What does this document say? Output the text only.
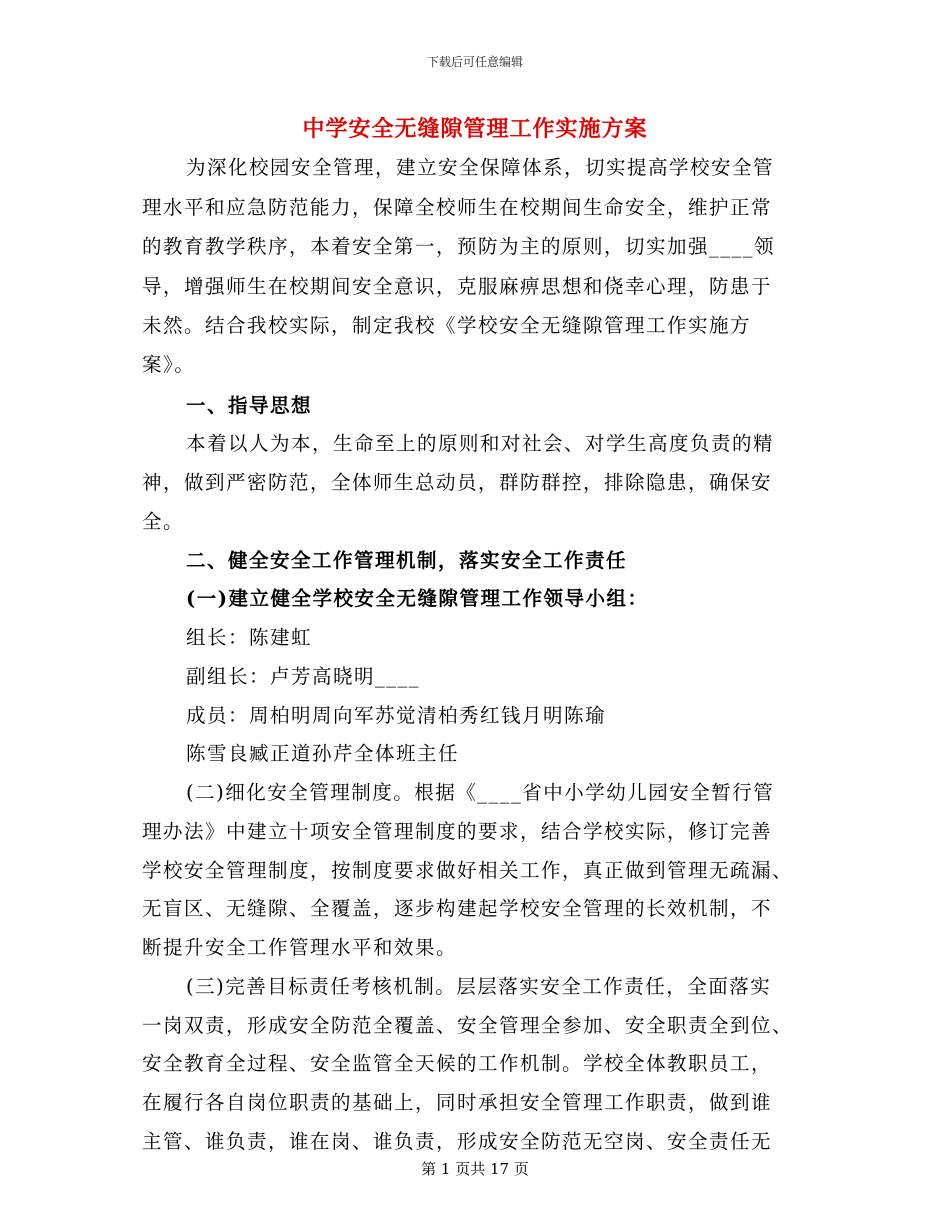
下载后可任意编辑
中学安全无缝隙管理工作实施方案
为深化校园安全管理，建立安全保障体系，切实提高学校安全管
理水平和应急防范能力，保障全校师生在校期间生命安全，维护正常
的教育教学秩序，本着安全第一，预防为主的原则，切实加强____领
导，增强师生在校期间安全意识，克服麻痹思想和侥幸心理，防患于
未然。结合我校实际，制定我校《学校安全无缝隙管理工作实施方
案》。
一、指导思想
本着以人为本，生命至上的原则和对社会、对学生高度负责的精
神，做到严密防范，全体师生总动员，群防群控，排除隐患，确保安
全。
二、健全安全工作管理机制，落实安全工作责任
(一)建立健全学校安全无缝隙管理工作领导小组：
组长：陈建虹
副组长：卢芳高晓明____
成员：周柏明周向军苏觉清柏秀红钱月明陈瑜
陈雪良臧正道孙芹全体班主任
(二)细化安全管理制度。根据《____省中小学幼儿园安全暂行管
理办法》中建立十项安全管理制度的要求，结合学校实际，修订完善
学校安全管理制度，按制度要求做好相关工作，真正做到管理无疏漏、
无盲区、无缝隙、全覆盖，逐步构建起学校安全管理的长效机制，不
断提升安全工作管理水平和效果。
(三)完善目标责任考核机制。层层落实安全工作责任，全面落实
一岗双责，形成安全防范全覆盖、安全管理全参加、安全职责全到位、
安全教育全过程、安全监管全天候的工作机制。学校全体教职员工，
在履行各自岗位职责的基础上，同时承担安全管理工作职责，做到谁
主管、谁负责，谁在岗、谁负责，形成安全防范无空岗、安全责任无
第 1 页共 17 页
